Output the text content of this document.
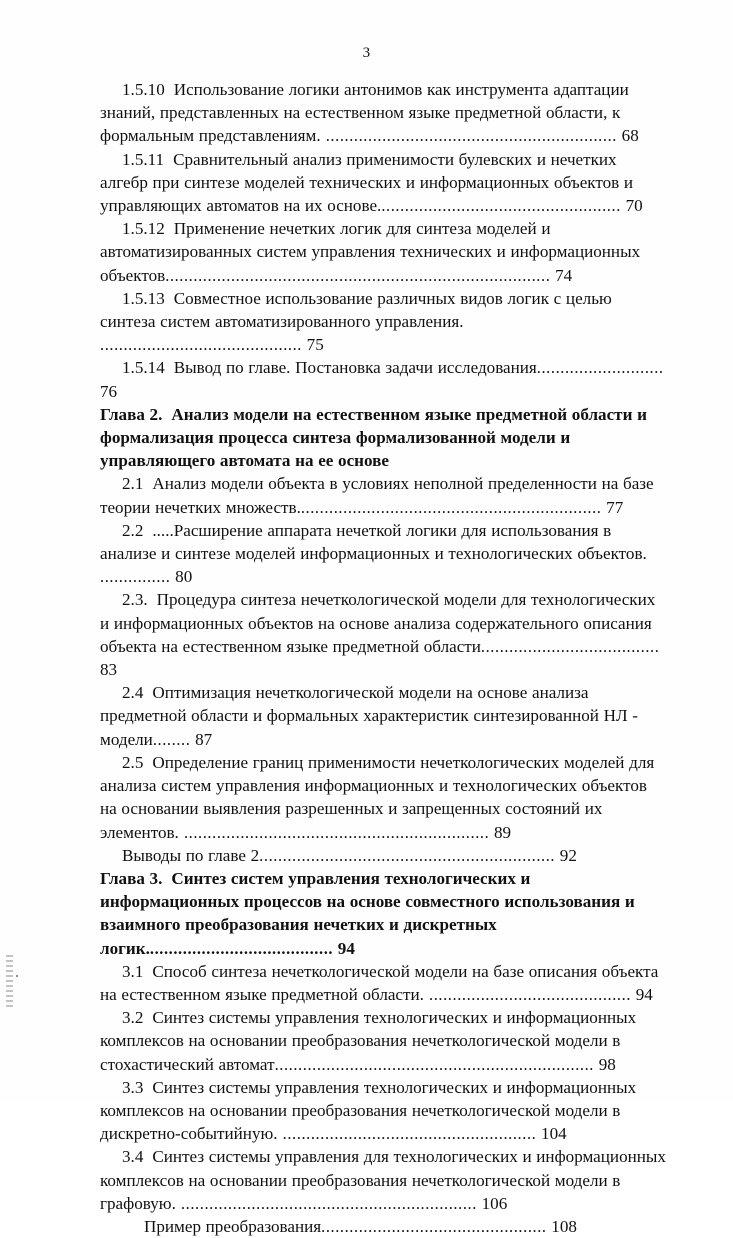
3

1.5.10 Использование логики антонимов как инструмента адаптации знаний, представленных на естественном языке предметной области, к формальным представлениям. .............................................................. 68

1.5.11 Сравнительный анализ применимости булевских и нечетких алгебр при синтезе моделей технических и информационных объектов и управляющих автоматов на их основе.................................................... 70

1.5.12 Применение нечетких логик для синтеза моделей и автоматизированных систем управления технических и информационных объектов.................................................................................. 74

1.5.13 Совместное использование различных видов логик с целью синтеза систем автоматизированного управления. ........................................... 75

1.5.14 Вывод по главе. Постановка задачи исследования........................... 76

Глава 2. Анализ модели на естественном языке предметной области и формализация процесса синтеза формализованной модели и управляющего автомата на ее основе

2.1 Анализ модели объекта в условиях неполной пределенности на базе теории нечетких множеств................................................................. 77

2.2 .....Расширение аппарата нечеткой логики для использования в анализе и синтезе моделей информационных и технологических объектов. ............... 80

2.3. Процедура синтеза нечеткологической модели для технологических и информационных объектов на основе анализа содержательного описания объекта на естественном языке предметной области...................................... 83

2.4 Оптимизация нечеткологической модели на основе анализа предметной области и формальных характеристик синтезированной НЛ - модели........ 87

2.5 Определение границ применимости нечеткологических моделей для анализа систем управления информационных и технологических объектов на основании выявления разрешенных и запрещенных состояний их элементов. ................................................................. 89

Выводы по главе 2............................................................... 92

Глава 3. Синтез систем управления технологических и информационных процессов на основе совместного использования и взаимного преобразования нечетких и дискретных логик........................................ 94

3.1 Способ синтеза нечеткологической модели на базе описания объекта на естественном языке предметной области. ........................................... 94

3.2 Синтез системы управления технологических и информационных комплексов на основании преобразования нечеткологической модели в стохастический автомат.................................................................... 98

3.3 Синтез системы управления технологических и информационных комплексов на основании преобразования нечеткологической модели в дискретно-событийную. ...................................................... 104

3.4 Синтез системы управления для технологических и информационных комплексов на основании преобразования нечеткологической модели в графовую. ............................................................... 106

Пример преобразования................................................ 108
